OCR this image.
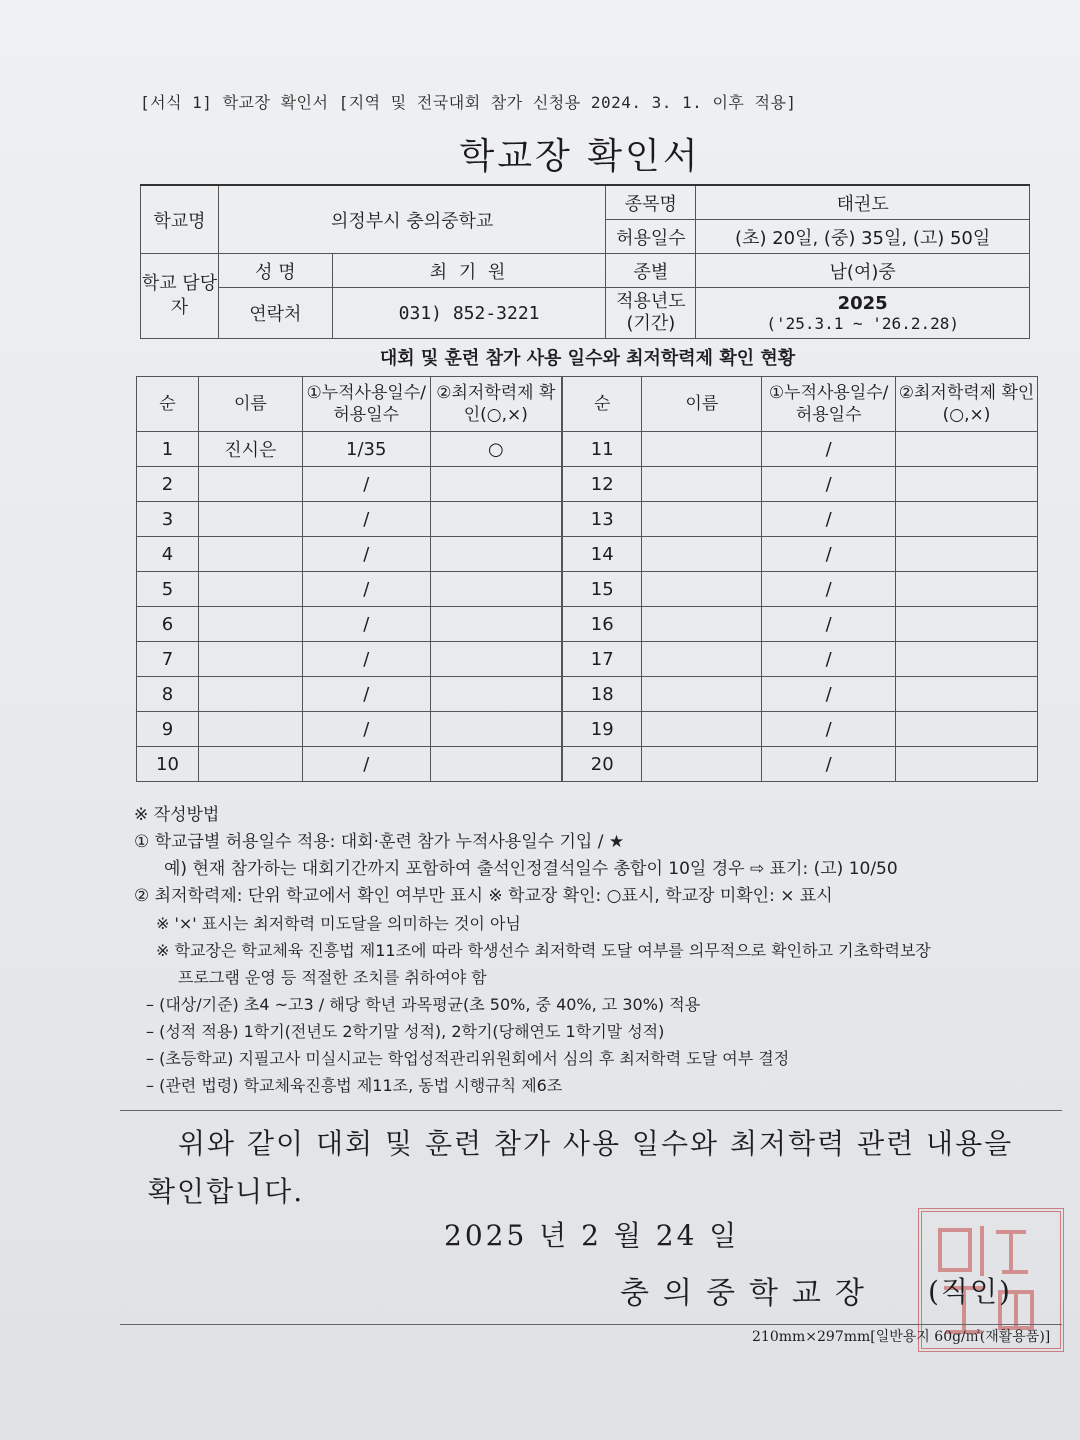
[서식 1] 학교장 확인서 [지역 및 전국대회 참가 신청용 2024. 3. 1. 이후 적용]
학교장 확인서
학교명	의정부시 충의중학교		종목명	태권도
			허용일수	(초) 20일, (중) 35일, (고) 50일
학교 담당자	성 명	최 기 원	종별	남(여)중
	연락처	031) 852-3221	적용년도 (기간)	2025
('25.3.1 ~ '26.2.28)
대회 및 훈련 참가 사용 일수와 최저학력제 확인 현황
순	이름	①누적사용일수/ 허용일수	②최저학력제 확인(○,×)	순	이름	①누적사용일수/ 허용일수	②최저학력제 확인(○,×)
1	진시은	1/35	○	11		/	
2		/		12		/	
3		/		13		/	
4		/		14		/	
5		/		15		/	
6		/		16		/	
7		/		17		/	
8		/		18		/	
9		/		19		/	
10		/		20		/	

※ 작성방법

① 학교급별 허용일수 적용: 대회·훈련 참가 누적사용일수 기입 / ★

예) 현재 참가하는 대회기간까지 포함하여 출석인정결석일수 총합이 10일 경우 ⇨ 표기: (고) 10/50

② 최저학력제: 단위 학교에서 확인 여부만 표시 ※ 학교장 확인: ○표시, 학교장 미확인: × 표시

※ '×' 표시는 최저학력 미도달을 의미하는 것이 아님

※ 학교장은 학교체육 진흥법 제11조에 따라 학생선수 최저학력 도달 여부를 의무적으로 확인하고 기초학력보장

프로그램 운영 등 적절한 조치를 취하여야 함

– (대상/기준) 초4 ~고3 / 해당 학년 과목평균(초 50%, 중 40%, 고 30%) 적용

– (성적 적용) 1학기(전년도 2학기말 성적), 2학기(당해연도 1학기말 성적)

– (초등학교) 지필고사 미실시교는 학업성적관리위원회에서 심의 후 최저학력 도달 여부 결정

– (관련 법령) 학교체육진흥법 제11조, 동법 시행규칙 제6조

위와 같이 대회 및 훈련 참가 사용 일수와 최저학력 관련 내용을 확인합니다.
2025 년 2 월 24 일
충의중학교장 (직인)
210mm×297mm[일반용지 60g/㎡(재활용품)]
